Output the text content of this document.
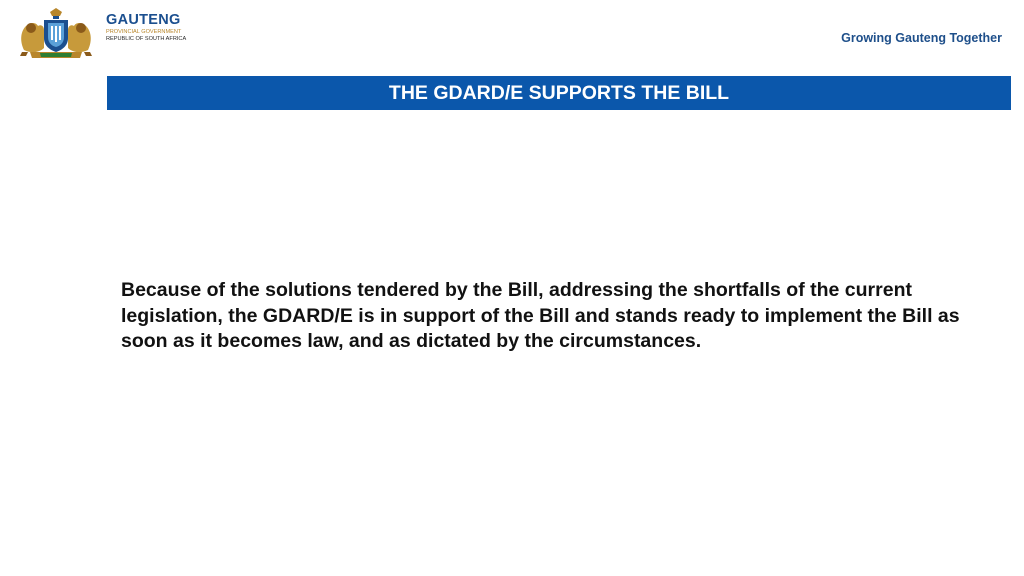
GAUTENG
PROVINCIAL GOVERNMENT
REPUBLIC OF SOUTH AFRICA	Growing Gauteng Together
THE GDARD/E SUPPORTS THE BILL

Because of the solutions tendered by the Bill, addressing the shortfalls of the current legislation, the GDARD/E is in support of the Bill and stands ready to implement the Bill as soon as it becomes law, and as dictated by the circumstances.
